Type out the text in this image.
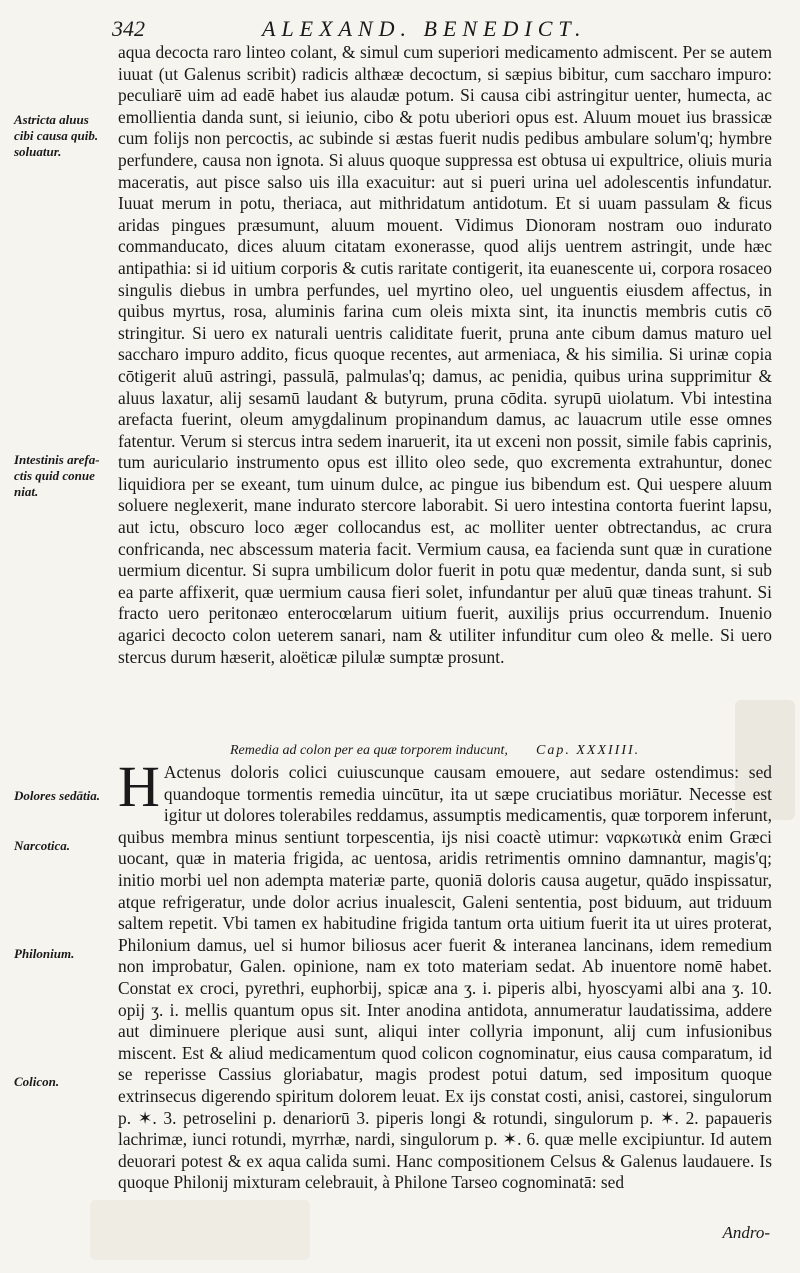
342	ALEXAND. BENEDICT.
Astricta aluus
cibi causa quib.
soluatur.
Intestinis arefa-
ctis quid conue
niat.
Dolores sedātia.
Narcotica.
Philonium.
Colicon.
aqua decocta raro linteo colant, & simul cum superiori medicamento admiscent. Per se autem iuuat (ut Galenus scribit) radicis althææ decoctum, si sæpius bibitur, cum saccharo impuro: peculiarē uim ad eadē habet ius alaudæ potum. Si causa cibi astringitur uenter, humecta, ac emollientia danda sunt, si ieiunio, cibo & potu uberiori opus est. Aluum mouet ius brassicæ cum folijs non percoctis, ac subinde si æstas fuerit nudis pedibus ambulare solum'q; hymbre perfundere, causa non ignota. Si aluus quoque suppressa est obtusa ui expultrice, oliuis muria maceratis, aut pisce salso uis illa exacuitur: aut si pueri urina uel adolescentis infundatur. Iuuat merum in potu, theriaca, aut mithridatum antidotum. Et si uuam passulam & ficus aridas pingues præsumunt, aluum mouent. Vidimus Dionoram nostram ouo indurato commanducato, dices aluum citatam exonerasse, quod alijs uentrem astringit, unde hæc antipathia: si id uitium corporis & cutis raritate contigerit, ita euanescente ui, corpora rosaceo singulis diebus in umbra perfundes, uel myrtino oleo, uel unguentis eiusdem affectus, in quibus myrtus, rosa, aluminis farina cum oleis mixta sint, ita inunctis membris cutis cō stringitur. Si uero ex naturali uentris caliditate fuerit, pruna ante cibum damus maturo uel saccharo impuro addito, ficus quoque recentes, aut armeniaca, & his similia. Si urinæ copia cōtigerit aluū astringi, passulā, palmulas'q; damus, ac penidia, quibus urina supprimitur & aluus laxatur, alij sesamū laudant & butyrum, pruna cōdita. syrupū uiolatum. Vbi intestina arefacta fuerint, oleum amygdalinum propinandum damus, ac lauacrum utile esse omnes fatentur. Verum si stercus intra sedem inaruerit, ita ut exceni non possit, simile fabis caprinis, tum auriculario instrumento opus est illito oleo sede, quo excrementa extrahuntur, donec liquidiora per se exeant, tum uinum dulce, ac pingue ius bibendum est. Qui uespere aluum soluere neglexerit, mane indurato stercore laborabit. Si uero intestina contorta fuerint lapsu, aut ictu, obscuro loco æger collocandus est, ac molliter uenter obtrectandus, ac crura confricanda, nec abscessum materia facit. Vermium causa, ea facienda sunt quæ in curatione uermium dicentur. Si supra umbilicum dolor fuerit in potu quæ medentur, danda sunt, si sub ea parte affixerit, quæ uermium causa fieri solet, infundantur per aluū quæ tineas trahunt. Si fracto uero peritonæo enterocœlarum uitium fuerit, auxilijs prius occurrendum. Inuenio agarici decocto colon ueterem sanari, nam & utiliter infunditur cum oleo & melle. Si uero stercus durum hæserit, aloëticæ pilulæ sumptæ prosunt.
Remedia ad colon per ea quæ torporem inducunt, Cap. XXXIIII.

H Actenus doloris colici cuiuscunque causam emouere, aut sedare ostendimus: sed quandoque tormentis remedia uincūtur, ita ut sæpe cruciatibus moriātur. Necesse est igitur ut dolores tolerabiles reddamus, assumptis medicamentis, quæ torporem inferunt, quibus membra minus sentiunt torpescentia, ijs nisi coactè utimur: ναρκωτικὰ enim Græci uocant, quæ in materia frigida, ac uentosa, aridis retrimentis omnino damnantur, magis'q; initio morbi uel non adempta materiæ parte, quoniā doloris causa augetur, quādo inspissatur, atque refrigeratur, unde dolor acrius inualescit, Galeni sententia, post biduum, aut triduum saltem repetit. Vbi tamen ex habitudine frigida tantum orta uitium fuerit ita ut uires proterat, Philonium damus, uel si humor biliosus acer fuerit & interanea lancinans, idem remedium non improbatur, Galen. opinione, nam ex toto materiam sedat. Ab inuentore nomē habet. Constat ex croci, pyrethri, euphorbij, spicæ ana ʒ. i. piperis albi, hyoscyami albi ana ʒ. 10. opij ʒ. i. mellis quantum opus sit. Inter anodina antidota, annumeratur laudatissima, addere aut diminuere plerique ausi sunt, aliqui inter collyria imponunt, alij cum infusionibus miscent. Est & aliud medicamentum quod colicon cognominatur, eius causa comparatum, id se reperisse Cassius gloriabatur, magis prodest potui datum, sed impositum quoque extrinsecus digerendo spiritum dolorem leuat. Ex ijs constat costi, anisi, castorei, singulorum p. ✶. 3. petroselini p. denariorū 3. piperis longi & rotundi, singulorum p. ✶. 2. papaueris lachrimæ, iunci rotundi, myrrhæ, nardi, singulorum p. ✶. 6. quæ melle excipiuntur. Id autem deuorari potest & ex aqua calida sumi. Hanc compositionem Celsus & Galenus laudauere. Is quoque Philonij mixturam celebrauit, à Philone Tarseo cognominatā: sed

Andro-
